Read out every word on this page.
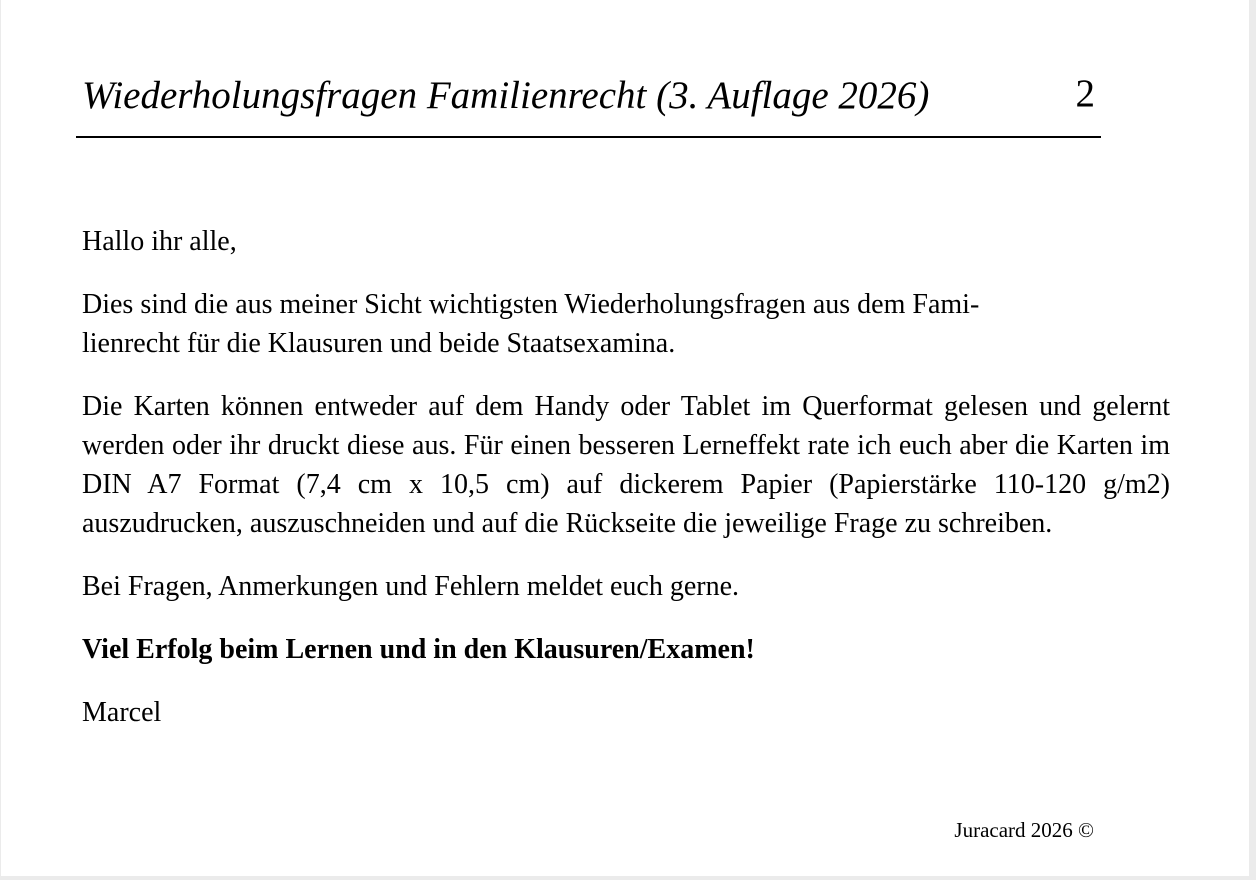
Wiederholungsfragen Familienrecht (3. Auflage 2026)	2

Hallo ihr alle,

Dies sind die aus meiner Sicht wichtigsten Wiederholungsfragen aus dem Fami-
lienrecht für die Klausuren und beide Staatsexamina.

Die Karten können entweder auf dem Handy oder Tablet im Querformat gelesen und gelernt werden oder ihr druckt diese aus. Für einen besseren Lerneffekt rate ich euch aber die Karten im DIN A7 Format (7,4 cm x 10,5 cm) auf dickerem Papier (Papierstärke 110-120 g/m2) auszudrucken, auszuschneiden und auf die Rückseite die jeweilige Frage zu schreiben.

Bei Fragen, Anmerkungen und Fehlern meldet euch gerne.

Viel Erfolg beim Lernen und in den Klausuren/Examen!

Marcel

Juracard 2026 ©
